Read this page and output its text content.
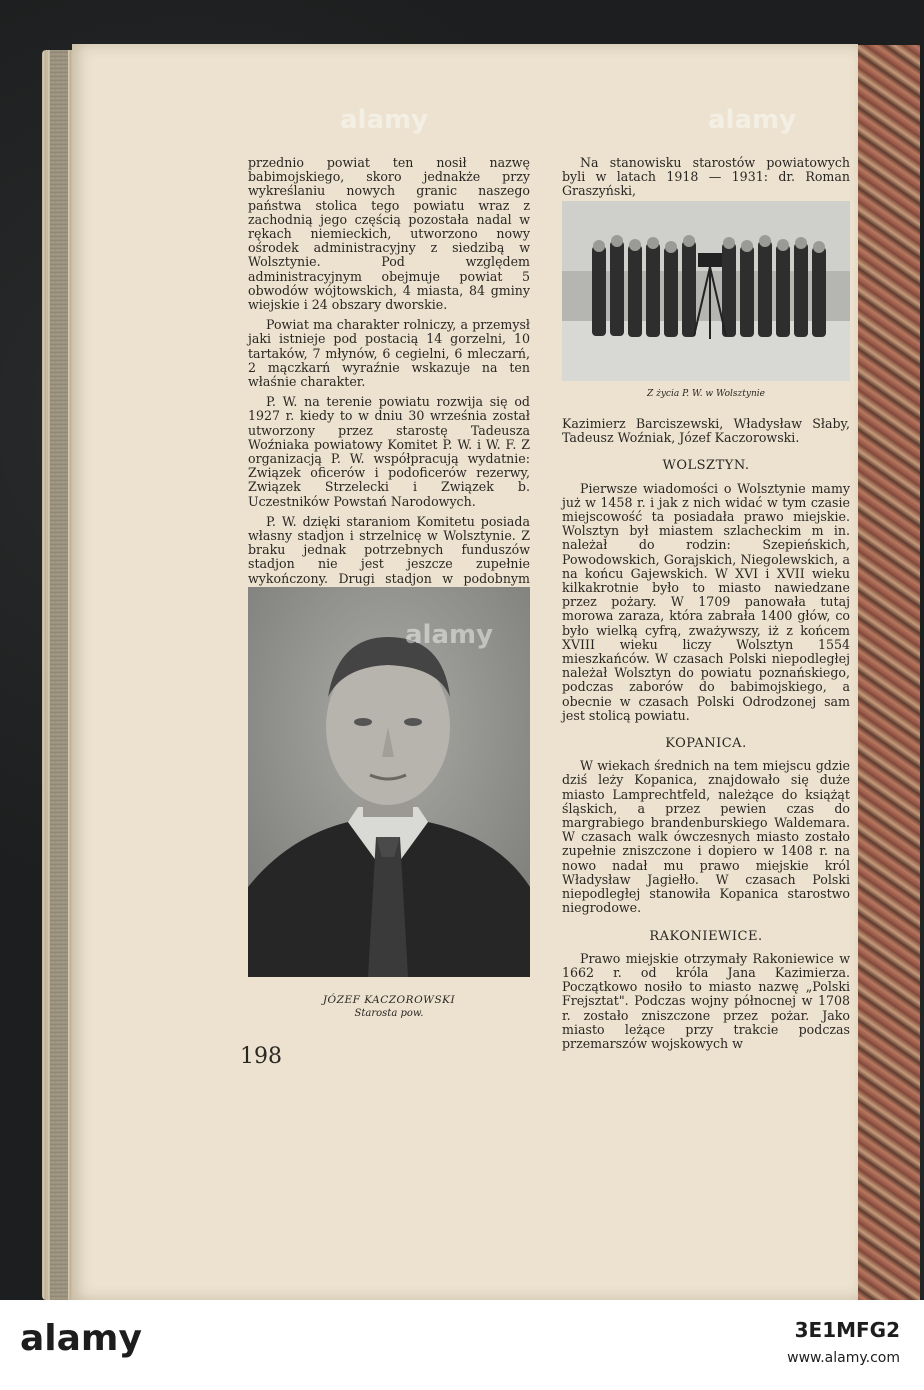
przednio powiat ten nosił nazwę babimojskiego, skoro jednakże przy wykreślaniu nowych granic naszego państwa stolica tego powiatu wraz z zachodnią jego częścią pozostała nadal w rękach niemieckich, utworzono nowy ośrodek administracyjny z siedzibą w Wolsztynie. Pod względem administracyjnym obejmuje powiat 5 obwodów wójtowskich, 4 miasta, 84 gminy wiejskie i 24 obszary dworskie.

Powiat ma charakter rolniczy, a przemysł jaki istnieje pod postacią 14 gorzelni, 10 tartaków, 7 młynów, 6 cegielni, 6 mleczarń, 2 mączkarń wyraźnie wskazuje na ten właśnie charakter.

P. W. na terenie powiatu rozwija się od 1927 r. kiedy to w dniu 30 września został utworzony przez starostę Tadeusza Woźniaka powiatowy Komitet P. W. i W. F. Z organizacją P. W. współpracują wydatnie: Związek oficerów i podoficerów rezerwy, Związek Strzelecki i Związek b. Uczestników Powstań Narodowych.

P. W. dzięki staraniom Komitetu posiada własny stadjon i strzelnicę w Wolsztynie. Z braku jednak potrzebnych funduszów stadjon nie jest jeszcze zupełnie wykończony. Drugi stadjon w podobnym

JÓZEF KACZOROWSKI
Starosta pow.
198

Na stanowisku starostów powiatowych byli w latach 1918 — 1931: dr. Roman Graszyński,

Z życia P. W. w Wolsztynie

Kazimierz Barciszewski, Władysław Słaby, Tadeusz Woźniak, Józef Kaczorowski.

WOLSZTYN.

Pierwsze wiadomości o Wolsztynie mamy już w 1458 r. i jak z nich widać w tym czasie miejscowość ta posiadała prawo miejskie. Wolsztyn był miastem szlacheckim m in. należał do rodzin: Szepieńskich, Powodowskich, Gorajskich, Niegolewskich, a na końcu Gajewskich. W XVI i XVII wieku kilkakrotnie było to miasto nawiedzane przez pożary. W 1709 panowała tutaj morowa zaraza, która zabrała 1400 głów, co było wielką cyfrą, zważywszy, iż z końcem XVIII wieku liczy Wolsztyn 1554 mieszkańców. W czasach Polski niepodległej należał Wolsztyn do powiatu poznańskiego, podczas zaborów do babimojskiego, a obecnie w czasach Polski Odrodzonej sam jest stolicą powiatu.

KOPANICA.

W wiekach średnich na tem miejscu gdzie dziś leży Kopanica, znajdowało się duże miasto Lamprechtfeld, należące do książąt śląskich, a przez pewien czas do margrabiego brandenburskiego Waldemara. W czasach walk ówczesnych miasto zostało zupełnie zniszczone i dopiero w 1408 r. na nowo nadał mu prawo miejskie król Władysław Jagiełło. W czasach Polski niepodległej stanowiła Kopanica starostwo niegrodowe.

RAKONIEWICE.

Prawo miejskie otrzymały Rakoniewice w 1662 r. od króla Jana Kazimierza. Początkowo nosiło to miasto nazwę „Polski Frejsztat". Podczas wojny północnej w 1708 r. zostało zniszczone przez pożar. Jako miasto leżące przy trakcie podczas przemarszów wojskowych w

alamy	alamy
alamy
alamy	3E1MFG2
www.alamy.com
